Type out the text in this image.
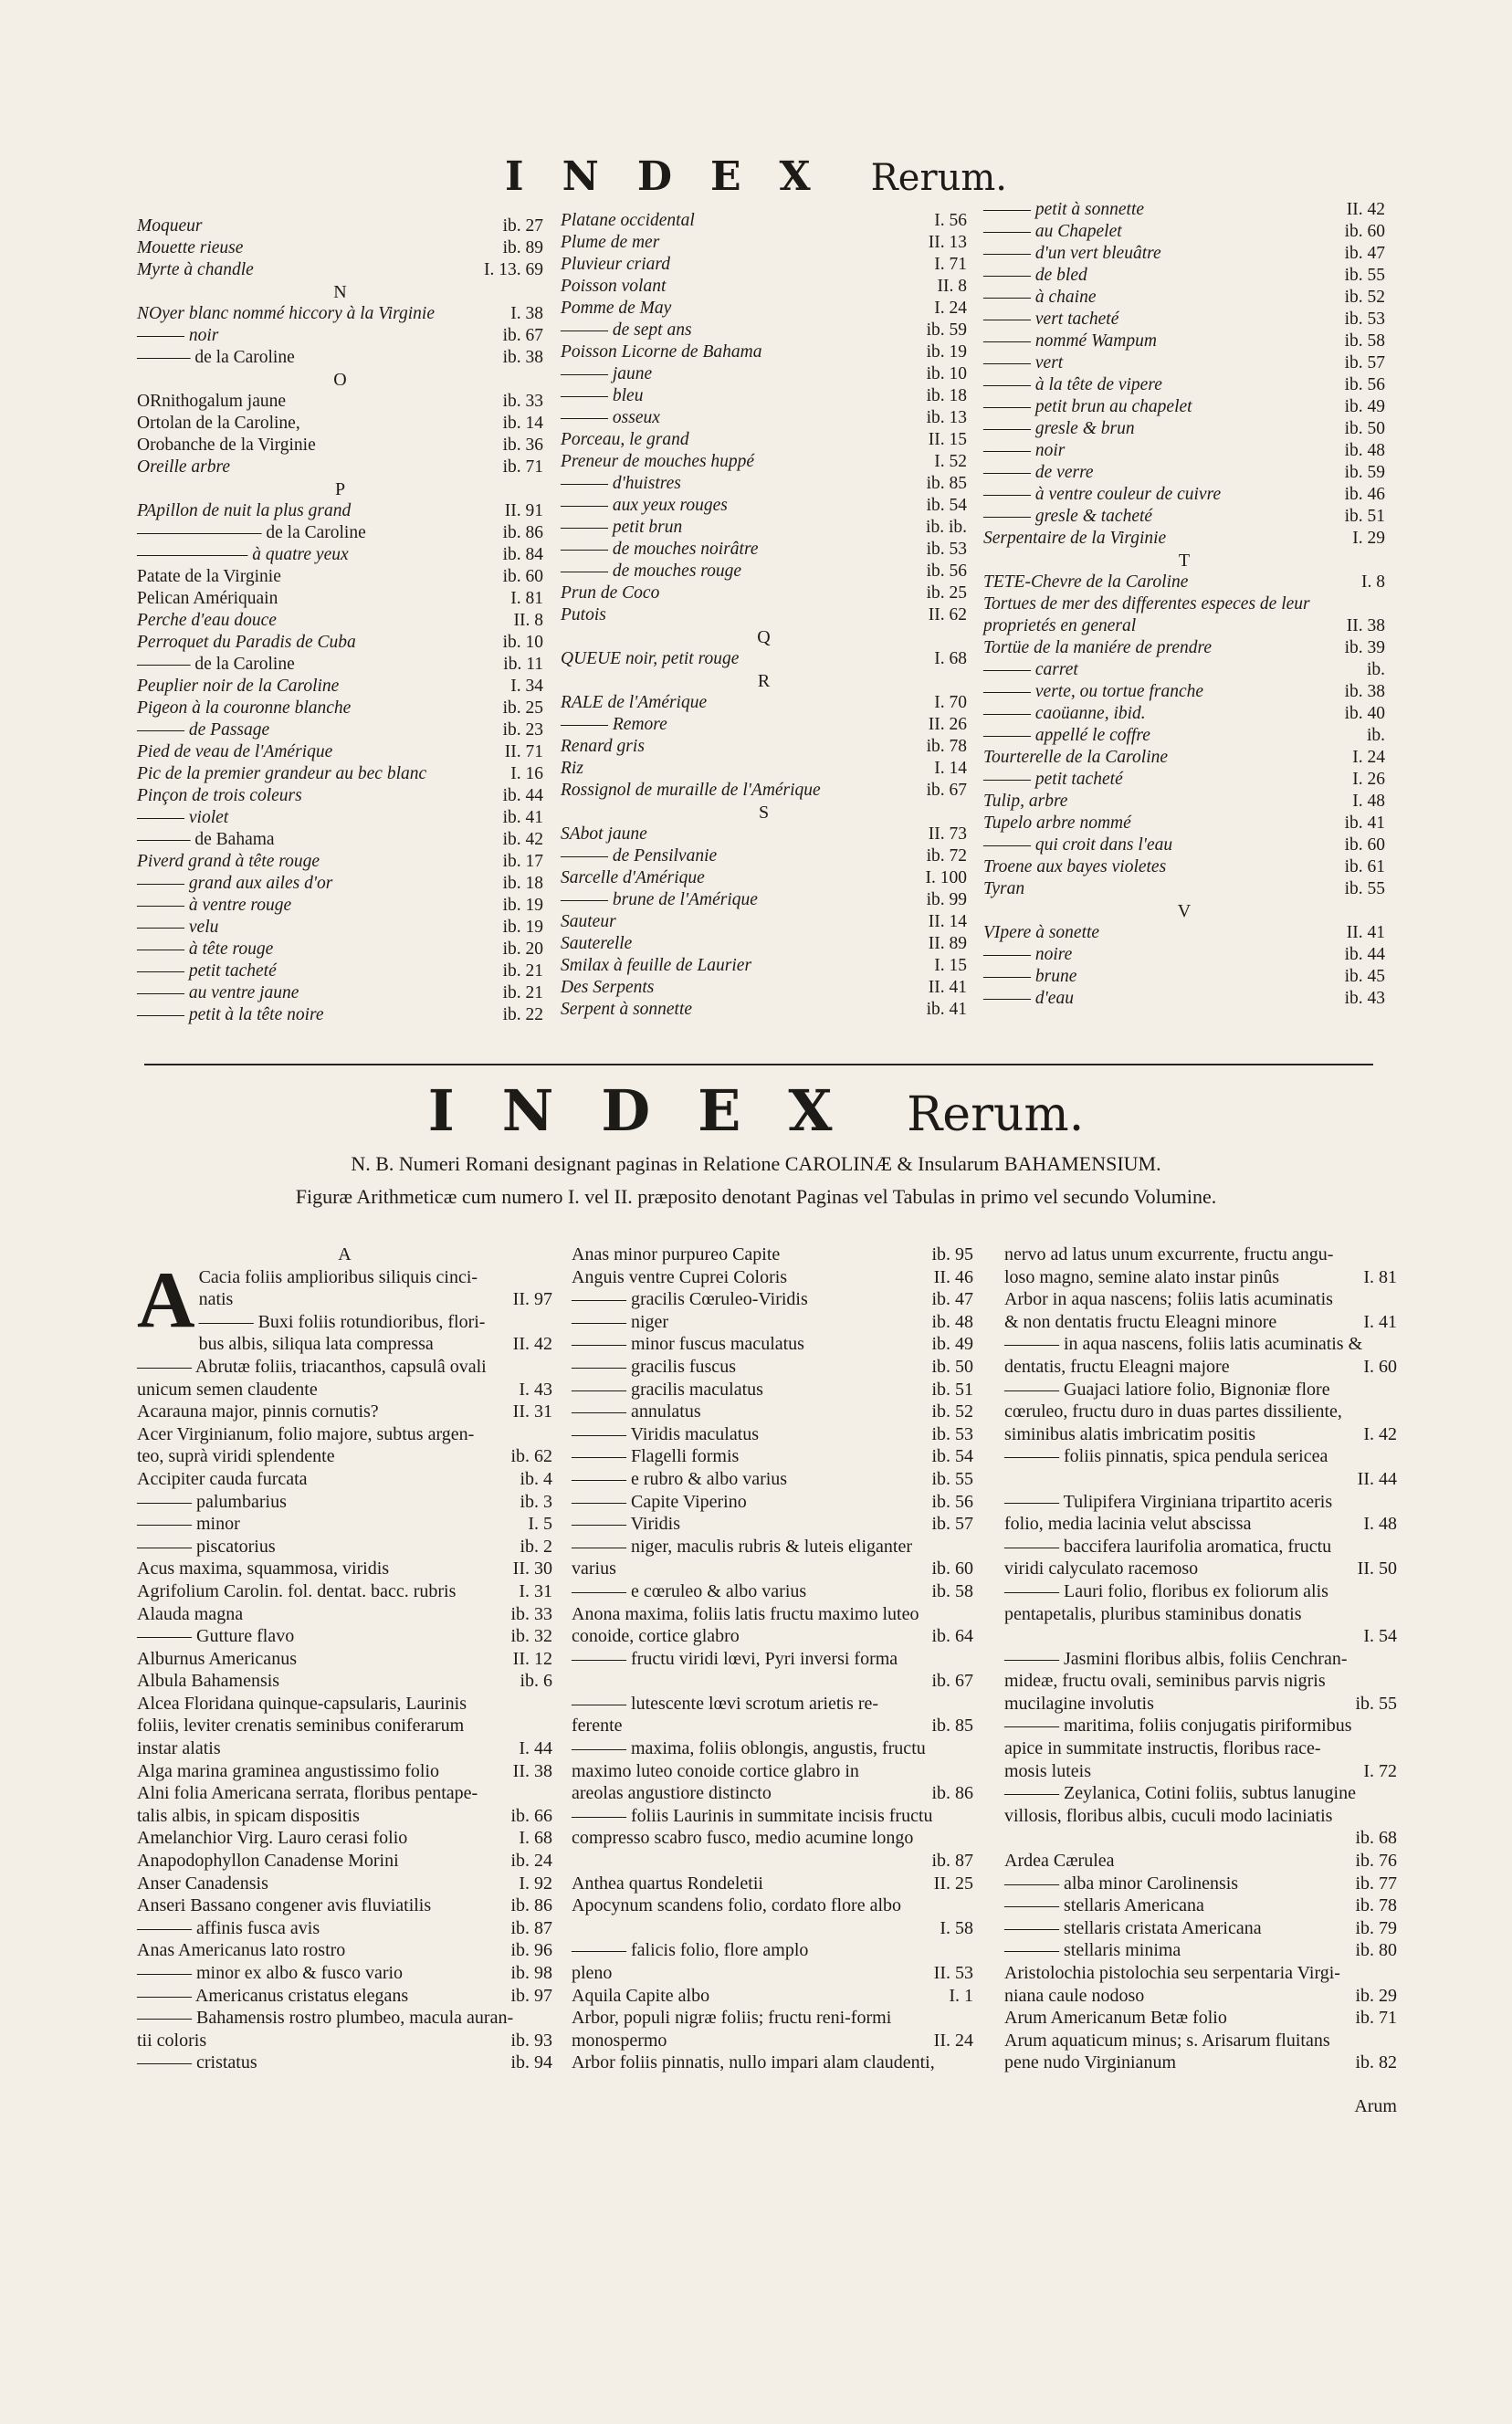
INDEX Rerum.
Moqueur	ib. 27
Mouette rieuse	ib. 89
Myrte à chandle	I. 13. 69
N
NOyer blanc nommé hiccory à la Virginie	I. 38
——— noir	ib. 67
——— de la Caroline	ib. 38
O
ORnithogalum jaune	ib. 33
Ortolan de la Caroline,	ib. 14
Orobanche de la Virginie	ib. 36
Oreille arbre	ib. 71
P
PApillon de nuit la plus grand	II. 91
——————— de la Caroline	ib. 86
——————— à quatre yeux	ib. 84
Patate de la Virginie	ib. 60
Pelican Amériquain	I. 81
Perche d'eau douce	II. 8
Perroquet du Paradis de Cuba	ib. 10
——— de la Caroline	ib. 11
Peuplier noir de la Caroline	I. 34
Pigeon à la couronne blanche	ib. 25
——— de Passage	ib. 23
Pied de veau de l'Amérique	II. 71
Pic de la premier grandeur au bec blanc	I. 16
Pinçon de trois coleurs	ib. 44
——— violet	ib. 41
——— de Bahama	ib. 42
Piverd grand à tête rouge	ib. 17
——— grand aux ailes d'or	ib. 18
——— à ventre rouge	ib. 19
——— velu	ib. 19
——— à tête rouge	ib. 20
——— petit tacheté	ib. 21
——— au ventre jaune	ib. 21
——— petit à la tête noire	ib. 22
Platane occidental	I. 56
Plume de mer	II. 13
Pluvieur criard	I. 71
Poisson volant	II. 8
Pomme de May	I. 24
——— de sept ans	ib. 59
Poisson Licorne de Bahama	ib. 19
——— jaune	ib. 10
——— bleu	ib. 18
——— osseux	ib. 13
Porceau, le grand	II. 15
Preneur de mouches huppé	I. 52
——— d'huistres	ib. 85
——— aux yeux rouges	ib. 54
——— petit brun	ib. ib.
——— de mouches noirâtre	ib. 53
——— de mouches rouge	ib. 56
Prun de Coco	ib. 25
Putois	II. 62
Q
QUEUE noir, petit rouge	I. 68
R
RALE de l'Amérique	I. 70
——— Remore	II. 26
Renard gris	ib. 78
Riz	I. 14
Rossignol de muraille de l'Amérique	ib. 67
S
SAbot jaune	II. 73
——— de Pensilvanie	ib. 72
Sarcelle d'Amérique	I. 100
——— brune de l'Amérique	ib. 99
Sauteur	II. 14
Sauterelle	II. 89
Smilax à feuille de Laurier	I. 15
Des Serpents	II. 41
Serpent à sonnette	ib. 41
——— petit à sonnette	II. 42
——— au Chapelet	ib. 60
——— d'un vert bleuâtre	ib. 47
——— de bled	ib. 55
——— à chaine	ib. 52
——— vert tacheté	ib. 53
——— nommé Wampum	ib. 58
——— vert	ib. 57
——— à la tête de vipere	ib. 56
——— petit brun au chapelet	ib. 49
——— gresle & brun	ib. 50
——— noir	ib. 48
——— de verre	ib. 59
——— à ventre couleur de cuivre	ib. 46
——— gresle & tacheté	ib. 51
Serpentaire de la Virginie	I. 29
T
TETE-Chevre de la Caroline	I. 8
Tortues de mer des differentes especes de leur
proprietés en general	II. 38
Tortüe de la maniére de prendre	ib. 39
——— carret	ib.
——— verte, ou tortue franche	ib. 38
——— caoüanne, ibid.	ib. 40
——— appellé le coffre	ib.
Tourterelle de la Caroline	I. 24
——— petit tacheté	I. 26
Tulip, arbre	I. 48
Tupelo arbre nommé	ib. 41
——— qui croit dans l'eau	ib. 60
Troene aux bayes violetes	ib. 61
Tyran	ib. 55
V
VIpere à sonette	II. 41
——— noire	ib. 44
——— brune	ib. 45
——— d'eau	ib. 43
INDEX Rerum.
N. B. Numeri Romani designant paginas in Relatione CAROLINÆ & Insularum BAHAMENSIUM.
Figuræ Arithmeticæ cum numero I. vel II. præposito denotant Paginas vel Tabulas in primo vel secundo Volumine.
A
A Cacia foliis amplioribus siliquis cinci-
natis	II. 97
——— Buxi foliis rotundioribus, flori-
bus albis, siliqua lata compressa	II. 42
——— Abrutæ foliis, triacanthos, capsulâ ovali
unicum semen claudente	I. 43
Acarauna major, pinnis cornutis?	II. 31
Acer Virginianum, folio majore, subtus argen-
teo, suprà viridi splendente	ib. 62
Accipiter cauda furcata	ib. 4
——— palumbarius	ib. 3
——— minor	I. 5
——— piscatorius	ib. 2
Acus maxima, squammosa, viridis	II. 30
Agrifolium Carolin. fol. dentat. bacc. rubris	I. 31
Alauda magna	ib. 33
——— Gutture flavo	ib. 32
Alburnus Americanus	II. 12
Albula Bahamensis	ib. 6
Alcea Floridana quinque-capsularis, Laurinis
foliis, leviter crenatis seminibus coniferarum
instar alatis	I. 44
Alga marina graminea angustissimo folio	II. 38
Alni folia Americana serrata, floribus pentape-
talis albis, in spicam dispositis	ib. 66
Amelanchior Virg. Lauro cerasi folio	I. 68
Anapodophyllon Canadense Morini	ib. 24
Anser Canadensis	I. 92
Anseri Bassano congener avis fluviatilis	ib. 86
——— affinis fusca avis	ib. 87
Anas Americanus lato rostro	ib. 96
——— minor ex albo & fusco vario	ib. 98
——— Americanus cristatus elegans	ib. 97
——— Bahamensis rostro plumbeo, macula auran-
tii coloris	ib. 93
——— cristatus	ib. 94
Anas minor purpureo Capite	ib. 95
Anguis ventre Cuprei Coloris	II. 46
——— gracilis Cœruleo-Viridis	ib. 47
——— niger	ib. 48
——— minor fuscus maculatus	ib. 49
——— gracilis fuscus	ib. 50
——— gracilis maculatus	ib. 51
——— annulatus	ib. 52
——— Viridis maculatus	ib. 53
——— Flagelli formis	ib. 54
——— e rubro & albo varius	ib. 55
——— Capite Viperino	ib. 56
——— Viridis	ib. 57
——— niger, maculis rubris & luteis eliganter
varius	ib. 60
——— e cœruleo & albo varius	ib. 58
Anona maxima, foliis latis fructu maximo luteo
conoide, cortice glabro	ib. 64
——— fructu viridi lœvi, Pyri inversi forma
ib. 67
——— lutescente lœvi scrotum arietis re-
ferente	ib. 85
——— maxima, foliis oblongis, angustis, fructu
maximo luteo conoide cortice glabro in
areolas angustiore distincto	ib. 86
——— foliis Laurinis in summitate incisis fructu
compresso scabro fusco, medio acumine longo
ib. 87
Anthea quartus Rondeletii	II. 25
Apocynum scandens folio, cordato flore albo
I. 58
——— falicis folio, flore amplo
pleno	II. 53
Aquila Capite albo	I. 1
Arbor, populi nigræ foliis; fructu reni-formi
monospermo	II. 24
Arbor foliis pinnatis, nullo impari alam claudenti,
nervo ad latus unum excurrente, fructu angu-
loso magno, semine alato instar pinûs	I. 81
Arbor in aqua nascens; foliis latis acuminatis
& non dentatis fructu Eleagni minore	I. 41
——— in aqua nascens, foliis latis acuminatis &
dentatis, fructu Eleagni majore	I. 60
——— Guajaci latiore folio, Bignoniæ flore
cœruleo, fructu duro in duas partes dissiliente,
siminibus alatis imbricatim positis	I. 42
——— foliis pinnatis, spica pendula sericea
II. 44
——— Tulipifera Virginiana tripartito aceris
folio, media lacinia velut abscissa	I. 48
——— baccifera laurifolia aromatica, fructu
viridi calyculato racemoso	II. 50
——— Lauri folio, floribus ex foliorum alis
pentapetalis, pluribus staminibus donatis
I. 54
——— Jasmini floribus albis, foliis Cenchran-
mideæ, fructu ovali, seminibus parvis nigris
mucilagine involutis	ib. 55
——— maritima, foliis conjugatis piriformibus
apice in summitate instructis, floribus race-
mosis luteis	I. 72
——— Zeylanica, Cotini foliis, subtus lanugine
villosis, floribus albis, cuculi modo laciniatis
ib. 68
Ardea Cærulea	ib. 76
——— alba minor Carolinensis	ib. 77
——— stellaris Americana	ib. 78
——— stellaris cristata Americana	ib. 79
——— stellaris minima	ib. 80
Aristolochia pistolochia seu serpentaria Virgi-
niana caule nodoso	ib. 29
Arum Americanum Betæ folio	ib. 71
Arum aquaticum minus; s. Arisarum fluitans
pene nudo Virginianum	ib. 82
Arum
